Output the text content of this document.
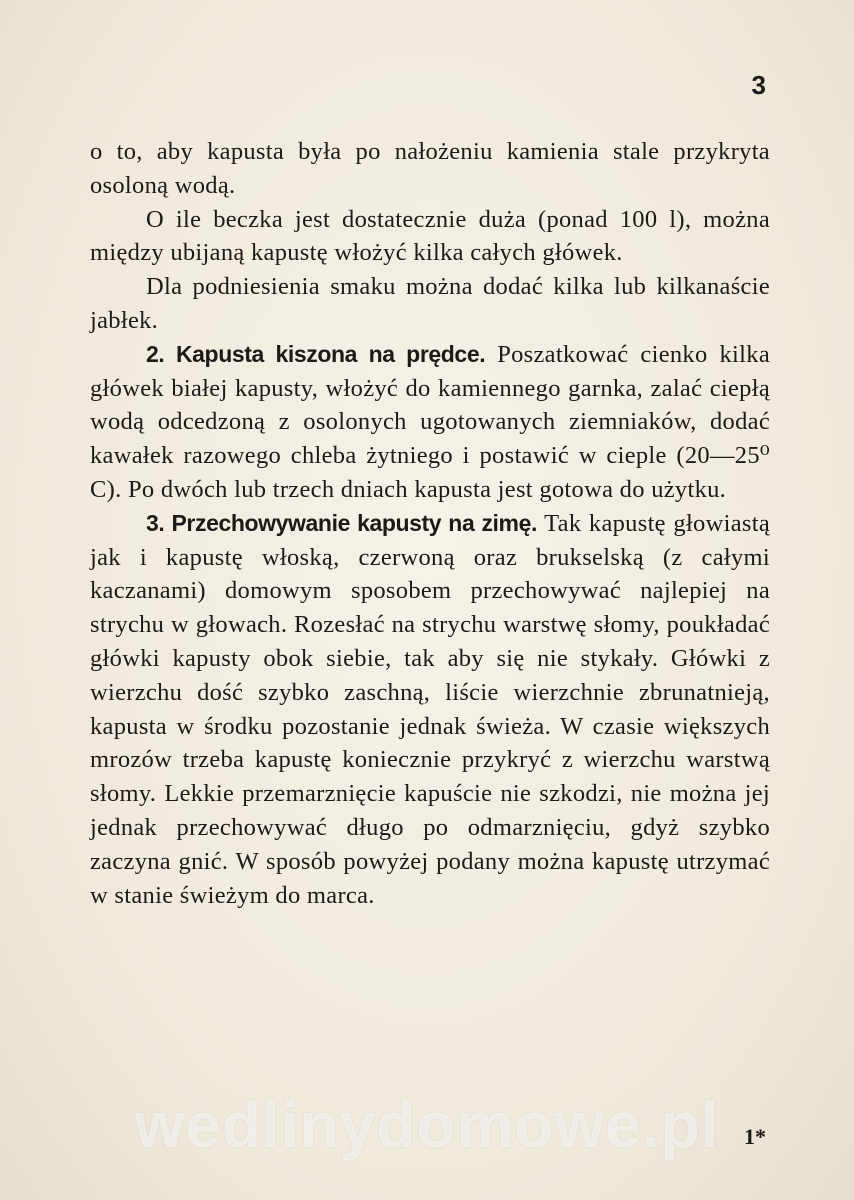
3

o to, aby kapusta była po nałożeniu kamienia stale przykryta osoloną wodą.

O ile beczka jest dostatecznie duża (ponad 100 l), można między ubijaną kapustę włożyć kilka całych główek.

Dla podniesienia smaku można dodać kilka lub kilkanaście jabłek.

2. Kapusta kiszona na prędce. Poszatkować cienko kilka główek białej kapusty, włożyć do kamiennego garnka, zalać ciepłą wodą odcedzoną z osolonych ugotowanych ziemniaków, dodać kawałek razowego chleba żytniego i postawić w cieple (20—25⁰ C). Po dwóch lub trzech dniach kapusta jest gotowa do użytku.

3. Przechowywanie kapusty na zimę. Tak kapustę głowiastą jak i kapustę włoską, czerwoną oraz brukselską (z całymi kaczanami) domowym sposobem przechowywać najlepiej na strychu w głowach. Rozesłać na strychu warstwę słomy, poukładać główki kapusty obok siebie, tak aby się nie stykały. Główki z wierzchu dość szybko zaschną, liście wierzchnie zbrunatnieją, kapusta w środku pozostanie jednak świeża. W czasie większych mrozów trzeba kapustę koniecznie przykryć z wierzchu warstwą słomy. Lekkie przemarznięcie kapuście nie szkodzi, nie można jej jednak przechowywać długo po odmarznięciu, gdyż szybko zaczyna gnić. W sposób powyżej podany można kapustę utrzymać w stanie świeżym do marca.

wedlinydomowe.pl	1*
